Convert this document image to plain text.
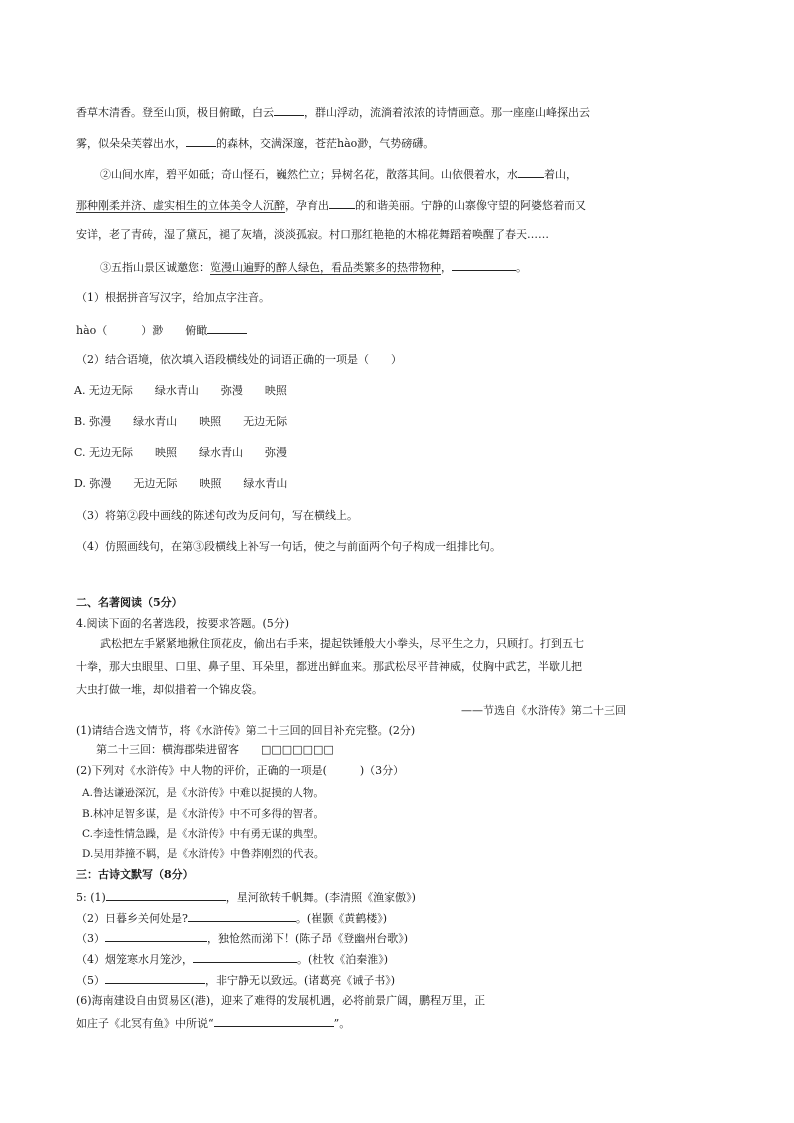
香草木清香。登至山顶，极目俯瞰，白云	，群山浮动，流淌着浓浓的诗情画意。那一座座山峰探出云
雾，似朵朵芙蓉出水，	的森林，交满深邃，苍茫hào渺，气势磅礴。
②山间水库，碧平如砥；奇山怪石，巍然伫立；异树名花，散落其间。山依偎着水，水 着山，
那种刚柔并济、虚实相生的立体美令人沉醉，孕育出 的和谐美丽。宁静的山寨像守望的阿婆悠着而又
安详，老了青砖，湿了黛瓦，褪了灰墙，淡淡孤寂。村口那红艳艳的木棉花舞蹈着唤醒了春天……
③五指山景区诚邀您：览漫山遍野的醉人绿色，看品类繁多的热带物种，	。
（1）根据拼音写汉字，给加点字注音。
hào（	）渺 俯瞰
（2）结合语境，依次填入语段横线处的词语正确的一项是（　　）
A. 无边无际　　绿水青山　　弥漫　　映照
B. 弥漫　　绿水青山　　映照　　无边无际
C. 无边无际　　映照　　绿水青山　　弥漫
D. 弥漫　　无边无际　　映照　　绿水青山
（3）将第②段中画线的陈述句改为反问句，写在横线上。
（4）仿照画线句，在第③段横线上补写一句话，使之与前面两个句子构成一组排比句。
二、名著阅读（5分）
4.阅读下面的名著选段，按要求答题。(5分)
武松把左手紧紧地揪住顶花皮，偷出右手来，提起铁锤般大小拳头，尽平生之力，只顾打。打到五七
十拳，那大虫眼里、口里、鼻子里、耳朵里，都迸出鲜血来。那武松尽平昔神威，仗胸中武艺，半歇儿把
大虫打做一堆，却似措着一个锦皮袋。
——节选自《水浒传》第二十三回
(1)请结合选文情节，将《水浒传》第二十三回的回目补充完整。(2分)
第二十三回：横海郡柴进留客 □□□□□□□
(2)下列对《水浒传》中人物的评价，正确的一项是(　　　)（3分）
A.鲁达谦逊深沉，是《水浒传》中难以捉摸的人物。
B.林冲足智多谋，是《水浒传》中不可多得的智者。
C.李逵性情急躁，是《水浒传》中有勇无谋的典型。
D.吴用莽撞不羁，是《水浒传》中鲁莽刚烈的代表。
三：古诗文默写（8分）
5: (1)	，星河欲转千帆舞。(李清照《渔家傲》)
（2）日暮乡关何处是?	。(崔颢《黄鹤楼》)
（3）	，独怆然而涕下！(陈子昂《登幽州台歌》)
（4）烟笼寒水月笼沙，	。(杜牧《泊秦淮》)
（5）	，非宁静无以致远。(诸葛亮《诫子书》)
(6)海南建设自由贸易区(港)，迎来了难得的发展机遇，必将前景广阔，鹏程万里，正
如庄子《北冥有鱼》中所说“	”。
